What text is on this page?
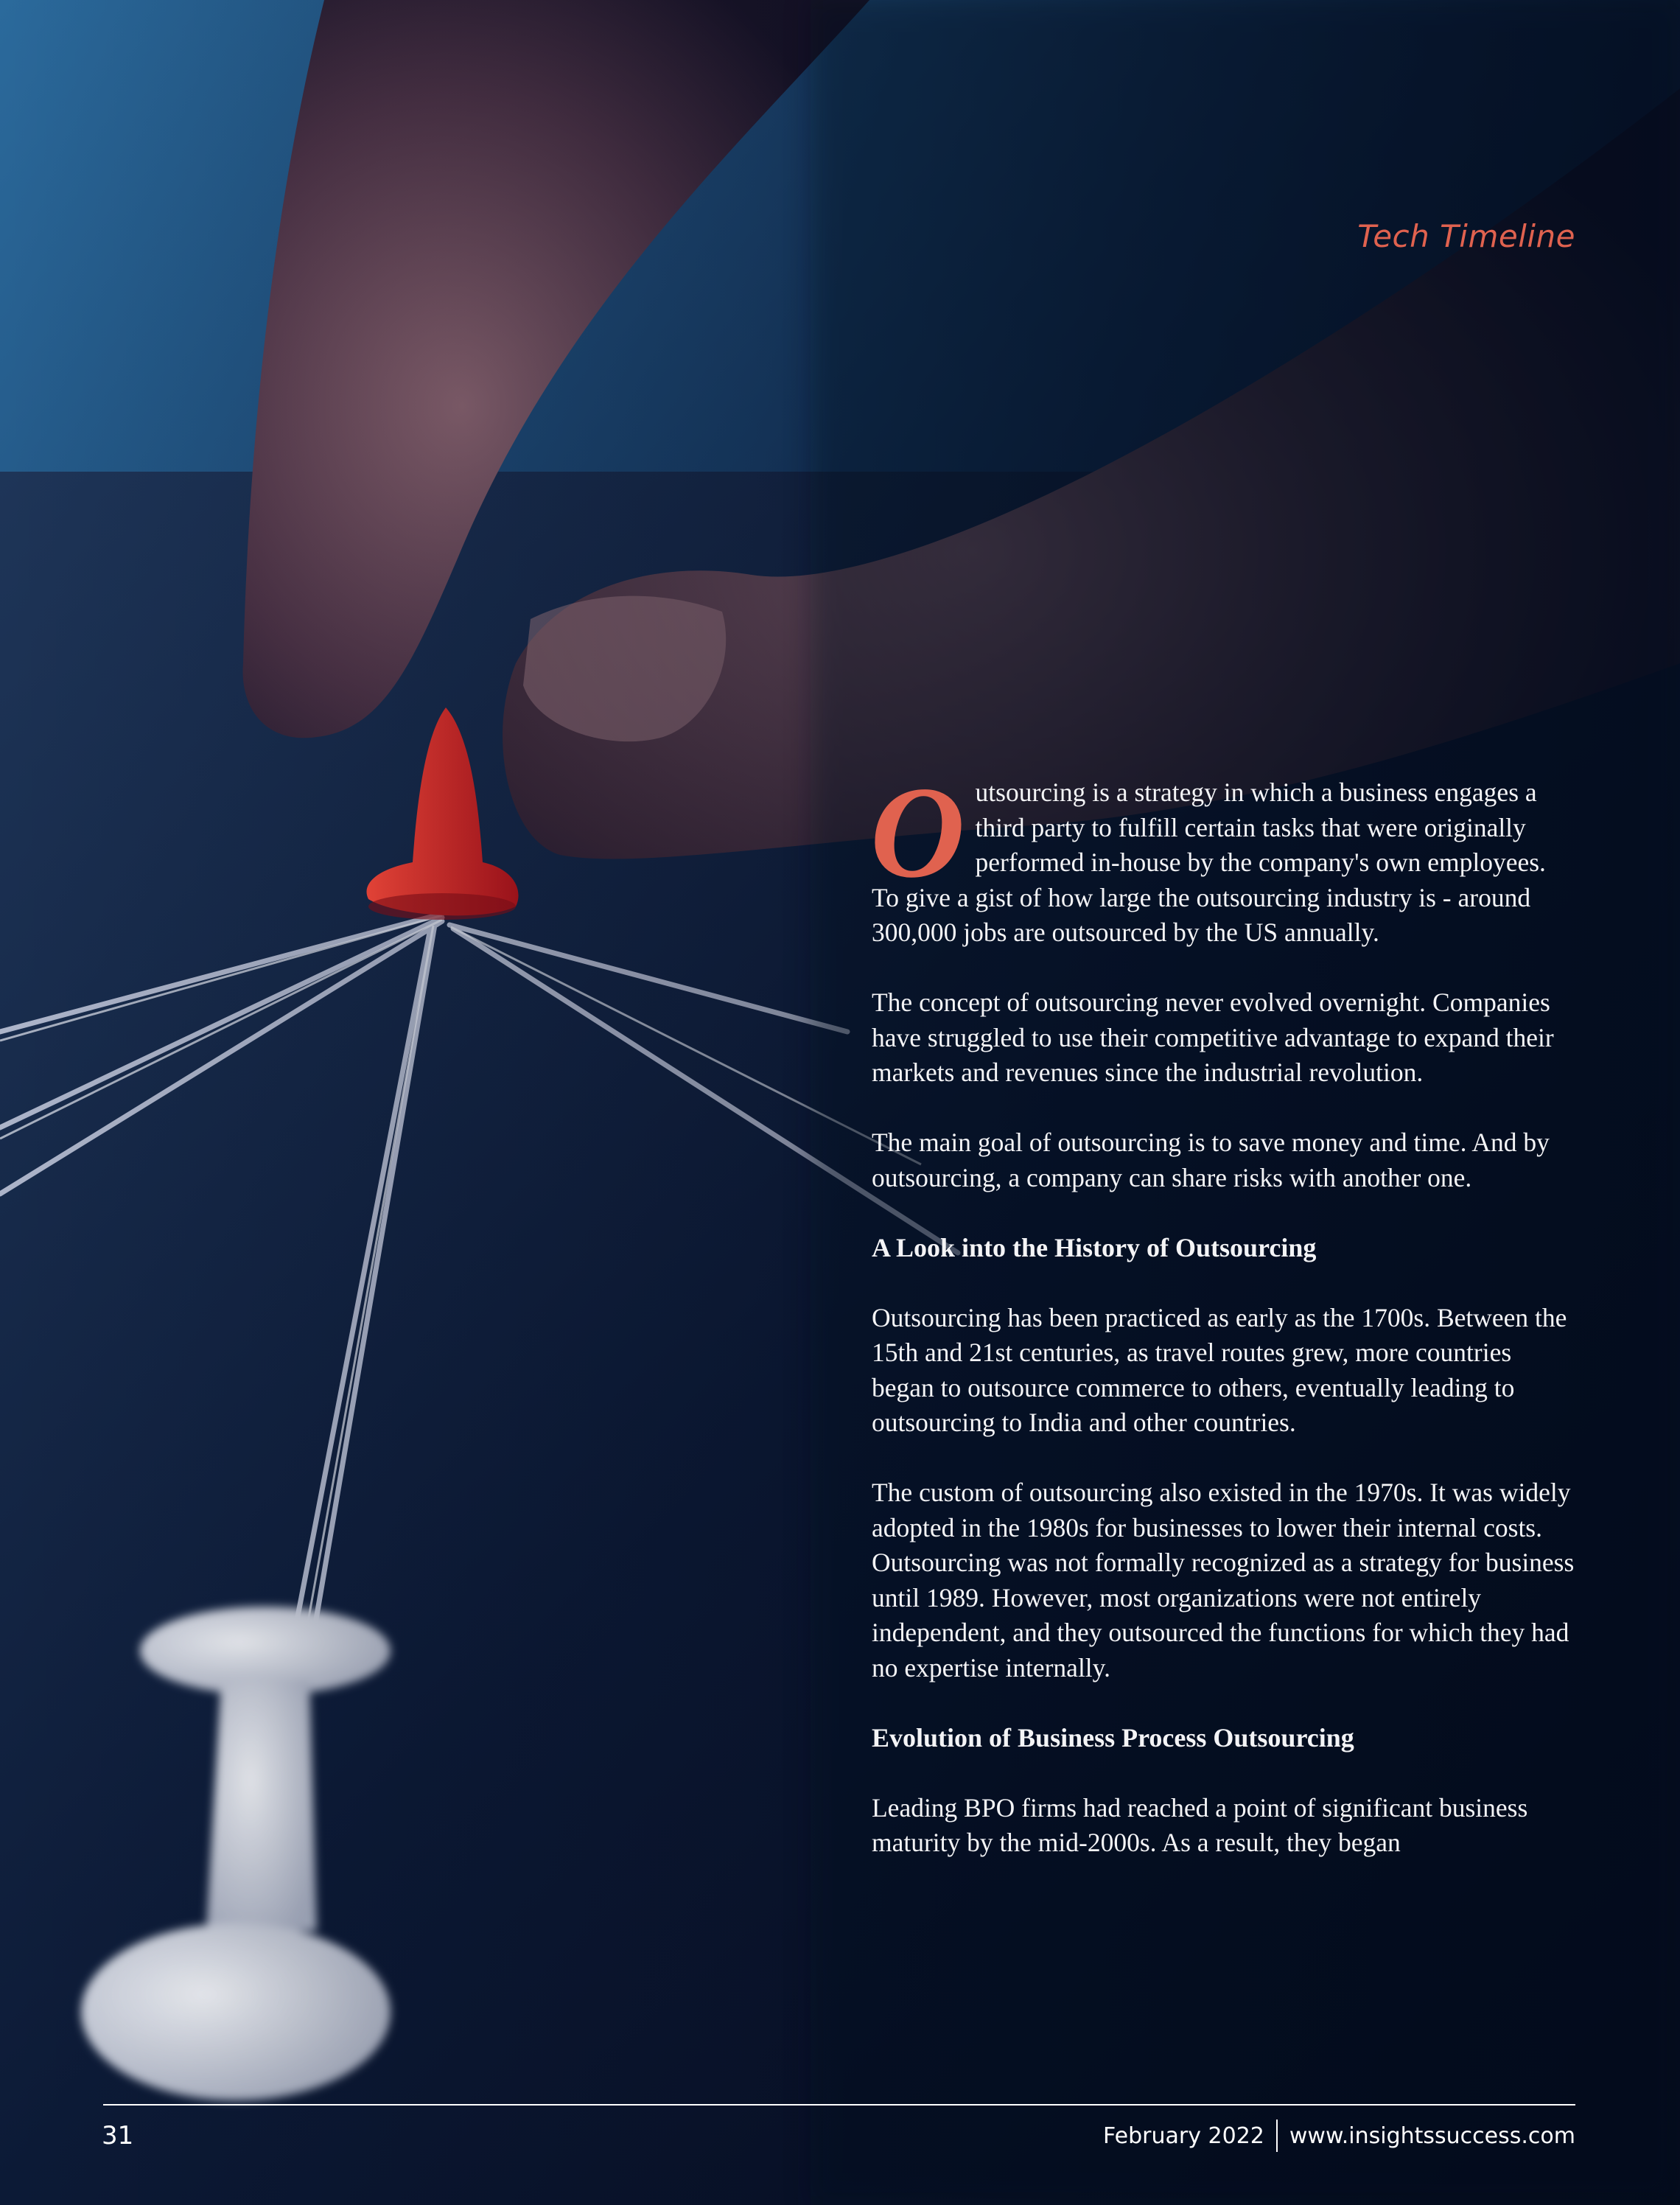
Tech Timeline

Outsourcing is a strategy in which a business engages a third party to fulfill certain tasks that were originally performed in-house by the company's own employees. To give a gist of how large the outsourcing industry is - around 300,000 jobs are outsourced by the US annually.

The concept of outsourcing never evolved overnight. Companies have struggled to use their competitive advantage to expand their markets and revenues since the industrial revolution.

The main goal of outsourcing is to save money and time. And by outsourcing, a company can share risks with another one.

A Look into the History of Outsourcing

Outsourcing has been practiced as early as the 1700s. Between the 15th and 21st centuries, as travel routes grew, more countries began to outsource commerce to others, eventually leading to outsourcing to India and other countries.

The custom of outsourcing also existed in the 1970s. It was widely adopted in the 1980s for businesses to lower their internal costs. Outsourcing was not formally recognized as a strategy for business until 1989. However, most organizations were not entirely independent, and they outsourced the functions for which they had no expertise internally.

Evolution of Business Process Outsourcing

Leading BPO firms had reached a point of significant business maturity by the mid-2000s. As a result, they began

31	February 2022 www.insightssuccess.com
